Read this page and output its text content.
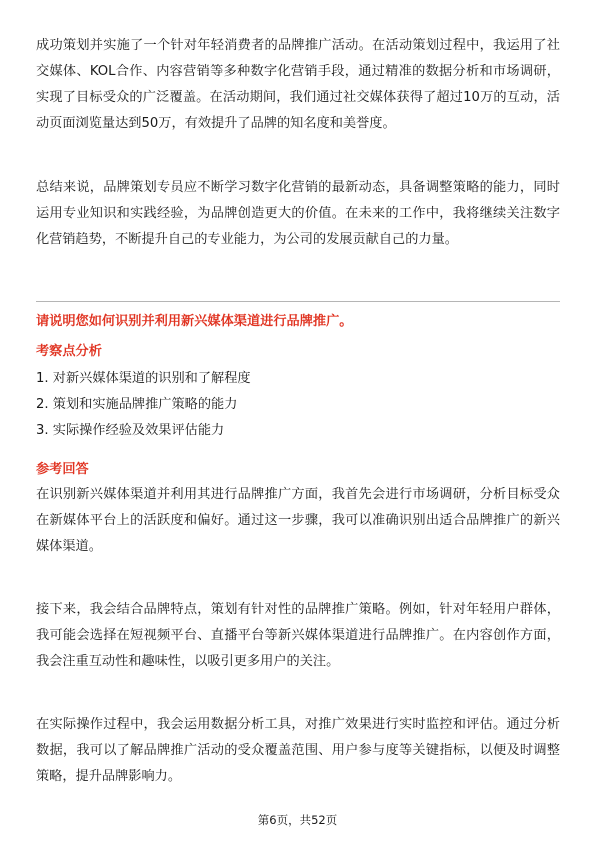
成功策划并实施了一个针对年轻消费者的品牌推广活动。在活动策划过程中，我运用了社交媒体、KOL合作、内容营销等多种数字化营销手段，通过精准的数据分析和市场调研，实现了目标受众的广泛覆盖。在活动期间，我们通过社交媒体获得了超过10万的互动，活动页面浏览量达到50万，有效提升了品牌的知名度和美誉度。

总结来说，品牌策划专员应不断学习数字化营销的最新动态，具备调整策略的能力，同时运用专业知识和实践经验，为品牌创造更大的价值。在未来的工作中，我将继续关注数字化营销趋势，不断提升自己的专业能力，为公司的发展贡献自己的力量。

请说明您如何识别并利用新兴媒体渠道进行品牌推广。

考察点分析

1. 对新兴媒体渠道的识别和了解程度
2. 策划和实施品牌推广策略的能力
3. 实际操作经验及效果评估能力

参考回答

在识别新兴媒体渠道并利用其进行品牌推广方面，我首先会进行市场调研，分析目标受众在新媒体平台上的活跃度和偏好。通过这一步骤，我可以准确识别出适合品牌推广的新兴媒体渠道。

接下来，我会结合品牌特点，策划有针对性的品牌推广策略。例如，针对年轻用户群体，我可能会选择在短视频平台、直播平台等新兴媒体渠道进行品牌推广。在内容创作方面，我会注重互动性和趣味性，以吸引更多用户的关注。

在实际操作过程中，我会运用数据分析工具，对推广效果进行实时监控和评估。通过分析数据，我可以了解品牌推广活动的受众覆盖范围、用户参与度等关键指标，以便及时调整策略，提升品牌影响力。

第6页，共52页
